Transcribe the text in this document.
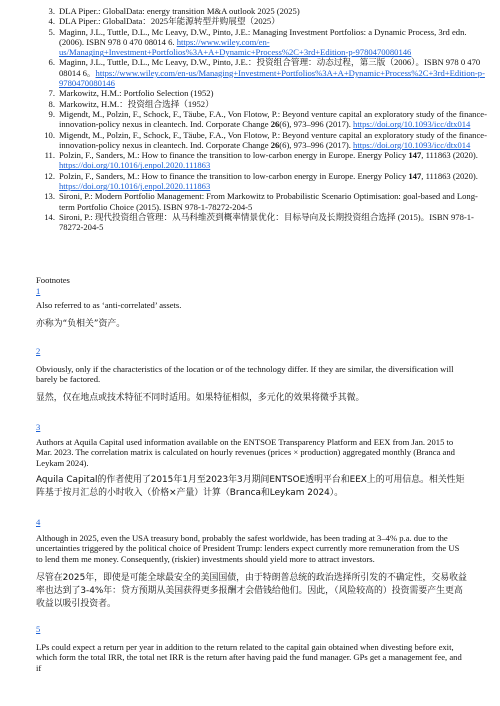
3. DLA Piper.: GlobalData: energy transition M&A outlook 2025 (2025)
4. DLA Piper.: GlobalData：2025年能源转型并购展望（2025）
5. Maginn, J.L., Tuttle, D.L., Mc Leavy, D.W., Pinto, J.E.: Managing Investment Portfolios: a Dynamic Process, 3rd edn. (2006). ISBN 978 0 470 08014 6. https://www.wiley.com/en-us/Managing+Investment+Portfolios%3A+A+Dynamic+Process%2C+3rd+Edition-p-9780470080146
6. Maginn, J.L., Tuttle, D.L., Mc Leavy, D.W., Pinto, J.E.：投资组合管理：动态过程，第三版（2006）。ISBN 978 0 470 08014 6。https://www.wiley.com/en-us/Managing+Investment+Portfolios%3A+A+Dynamic+Process%2C+3rd+Edition-p-9780470080146
7. Markowitz, H.M.: Portfolio Selection (1952)
8. Markowitz, H.M.：投资组合选择（1952）
9. Migendt, M., Polzin, F., Schock, F., Täube, F.A., Von Flotow, P.: Beyond venture capital an exploratory study of the finance-innovation-policy nexus in cleantech. Ind. Corporate Change 26(6), 973–996 (2017). https://doi.org/10.1093/icc/dtx014
10. Migendt, M., Polzin, F., Schock, F., Täube, F.A., Von Flotow, P.: Beyond venture capital an exploratory study of the finance-innovation-policy nexus in cleantech. Ind. Corporate Change 26(6), 973–996 (2017). https://doi.org/10.1093/icc/dtx014
11. Polzin, F., Sanders, M.: How to finance the transition to low-carbon energy in Europe. Energy Policy 147, 111863 (2020). https://doi.org/10.1016/j.enpol.2020.111863
12. Polzin, F., Sanders, M.: How to finance the transition to low-carbon energy in Europe. Energy Policy 147, 111863 (2020). https://doi.org/10.1016/j.enpol.2020.111863
13. Sironi, P.: Modern Portfolio Management: From Markowitz to Probabilistic Scenario Optimisation: goal-based and Long-term Portfolio Choice (2015). ISBN 978-1-78272-204-5
14. Sironi, P.: 现代投资组合管理：从马科维茨到概率情景优化：目标导向及长期投资组合选择 (2015)。ISBN 978-1-78272-204-5
Footnotes
1
Also referred to as ‘anti-correlated’ assets.
亦称为“负相关”资产。
2
Obviously, only if the characteristics of the location or of the technology differ. If they are similar, the diversification will barely be factored.
显然，仅在地点或技术特征不同时适用。如果特征相似，多元化的效果将微乎其微。
3
Authors at Aquila Capital used information available on the ENTSOE Transparency Platform and EEX from Jan. 2015 to Mar. 2023. The correlation matrix is calculated on hourly revenues (prices × production) aggregated monthly (Branca and Leykam 2024).
Aquila Capital的作者使用了2015年1月至2023年3月期间ENTSOE透明平台和EEX上的可用信息。相关性矩阵基于按月汇总的小时收入（价格×产量）计算（Branca和Leykam 2024）。
4
Although in 2025, even the USA treasury bond, probably the safest worldwide, has been trading at 3–4% p.a. due to the uncertainties triggered by the political choice of President Trump: lenders expect currently more remuneration from the US to lend them me money. Consequently, (riskier) investments should yield more to attract investors.
尽管在2025年，即使是可能全球最安全的美国国债，由于特朗普总统的政治选择所引发的不确定性，交易收益率也达到了3-4%年：贷方预期从美国获得更多报酬才会借钱给他们。因此，（风险较高的）投资需要产生更高收益以吸引投资者。
5
LPs could expect a return per year in addition to the return related to the capital gain obtained when divesting before exit, which form the total IRR, the total net IRR is the return after having paid the fund manager. GPs get a management fee, and if
